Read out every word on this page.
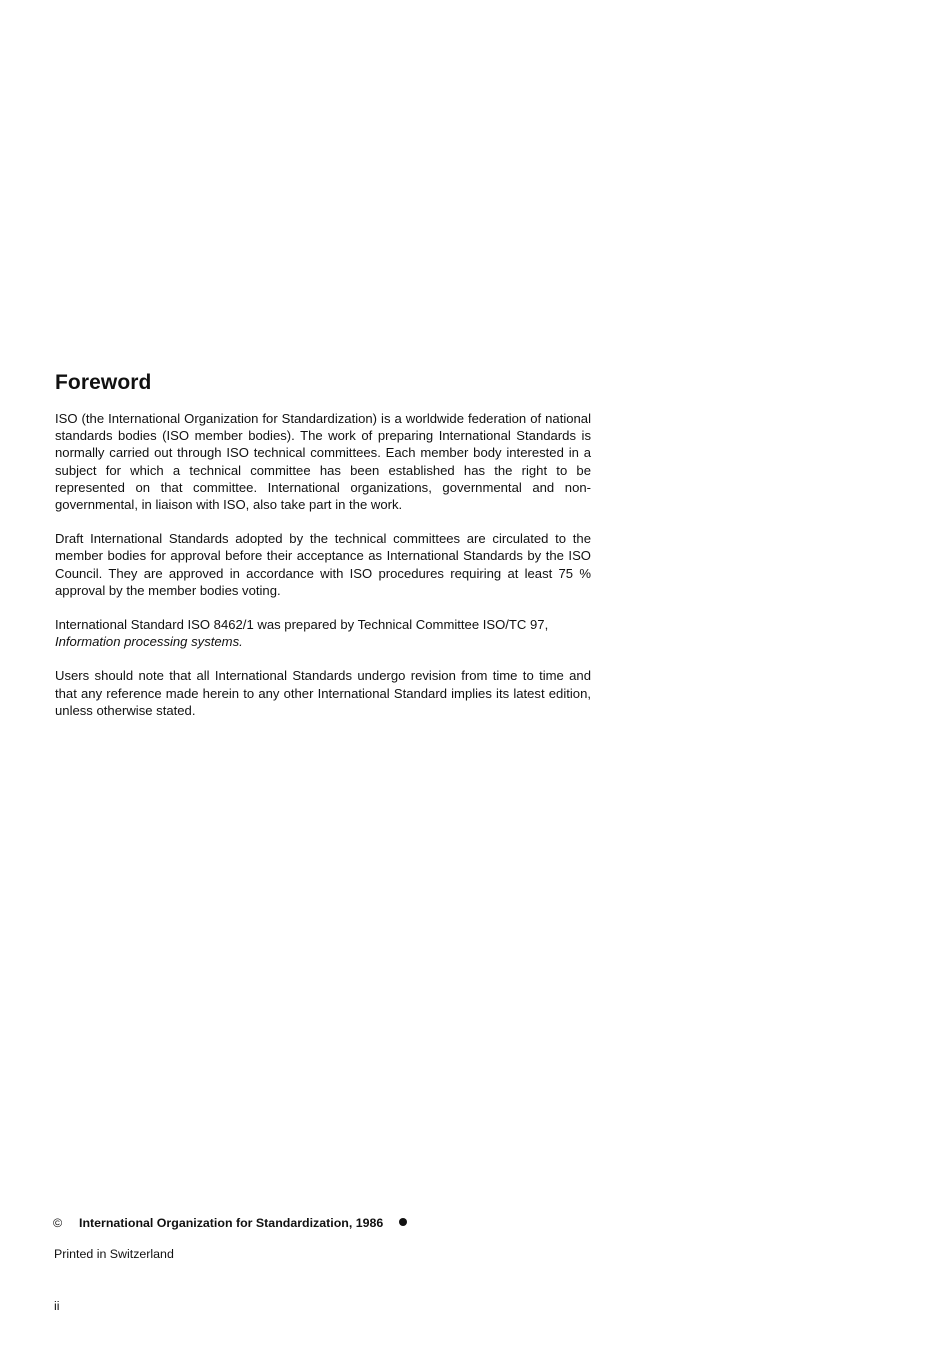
Foreword

ISO (the International Organization for Standardization) is a worldwide federation of national standards bodies (ISO member bodies). The work of preparing International Standards is normally carried out through ISO technical committees. Each member body interested in a subject for which a technical committee has been established has the right to be represented on that committee. International organizations, governmental and non-governmental, in liaison with ISO, also take part in the work.

Draft International Standards adopted by the technical committees are circulated to the member bodies for approval before their acceptance as International Standards by the ISO Council. They are approved in accordance with ISO procedures requiring at least 75 % approval by the member bodies voting.

International Standard ISO 8462/1 was prepared by Technical Committee ISO/TC 97,
Information processing systems.

Users should note that all International Standards undergo revision from time to time and that any reference made herein to any other International Standard implies its latest edition, unless otherwise stated.

© International Organization for Standardization, 1986
Printed in Switzerland
ii
